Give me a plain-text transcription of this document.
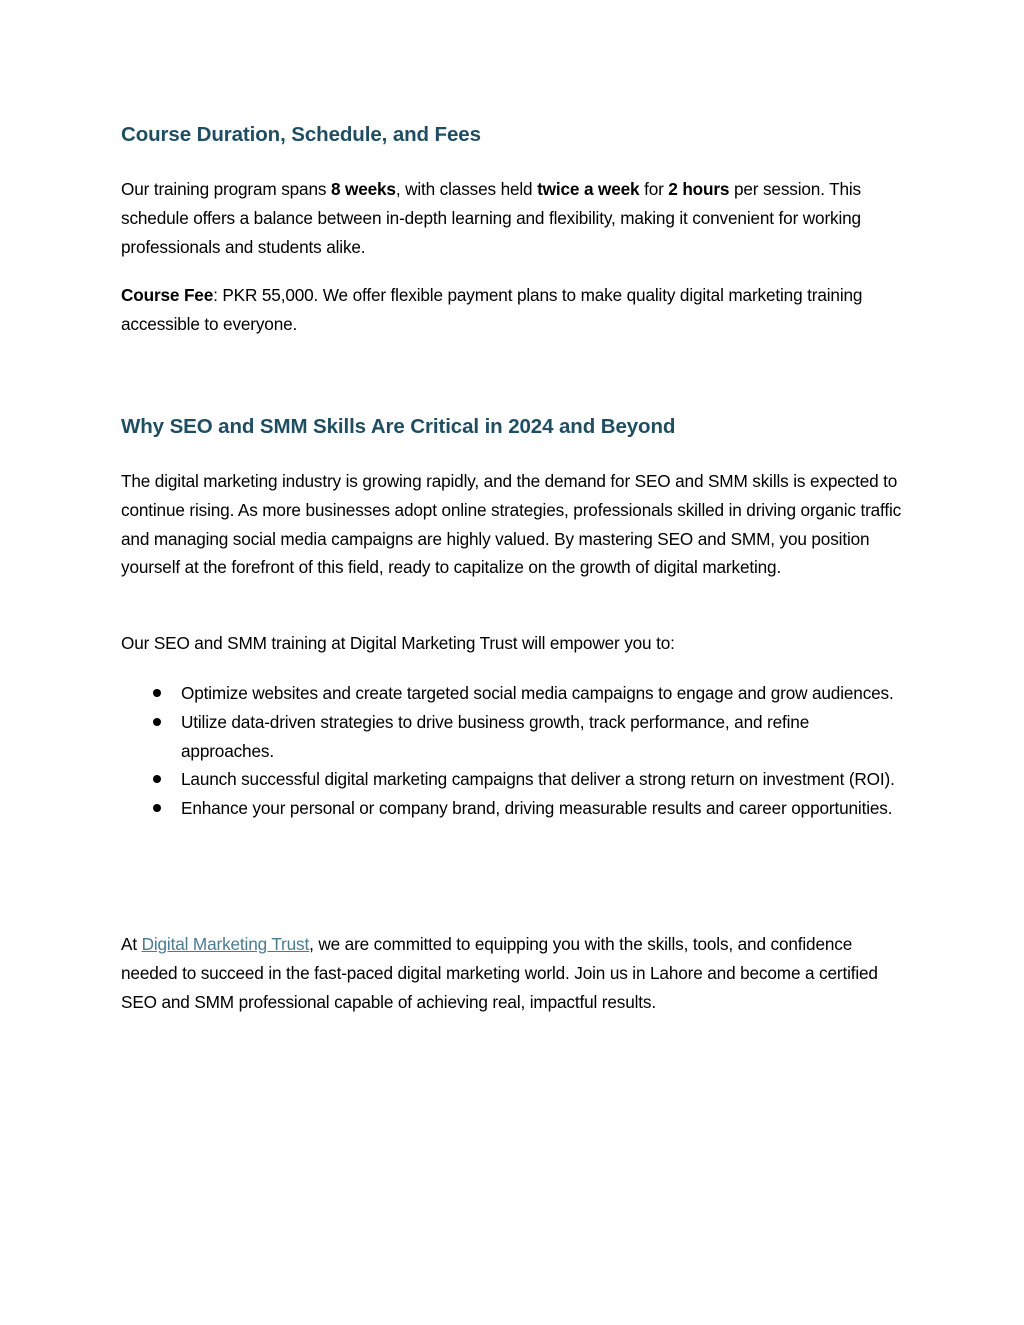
Course Duration, Schedule, and Fees

Our training program spans 8 weeks, with classes held twice a week for 2 hours per session. This schedule offers a balance between in-depth learning and flexibility, making it convenient for working professionals and students alike.

Course Fee: PKR 55,000. We offer flexible payment plans to make quality digital marketing training accessible to everyone.

Why SEO and SMM Skills Are Critical in 2024 and Beyond

The digital marketing industry is growing rapidly, and the demand for SEO and SMM skills is expected to continue rising. As more businesses adopt online strategies, professionals skilled in driving organic traffic and managing social media campaigns are highly valued. By mastering SEO and SMM, you position yourself at the forefront of this field, ready to capitalize on the growth of digital marketing.

Our SEO and SMM training at Digital Marketing Trust will empower you to:

Optimize websites and create targeted social media campaigns to engage and grow audiences.
Utilize data-driven strategies to drive business growth, track performance, and refine approaches.
Launch successful digital marketing campaigns that deliver a strong return on investment (ROI).
Enhance your personal or company brand, driving measurable results and career opportunities.

At Digital Marketing Trust, we are committed to equipping you with the skills, tools, and confidence needed to succeed in the fast-paced digital marketing world. Join us in Lahore and become a certified SEO and SMM professional capable of achieving real, impactful results.
